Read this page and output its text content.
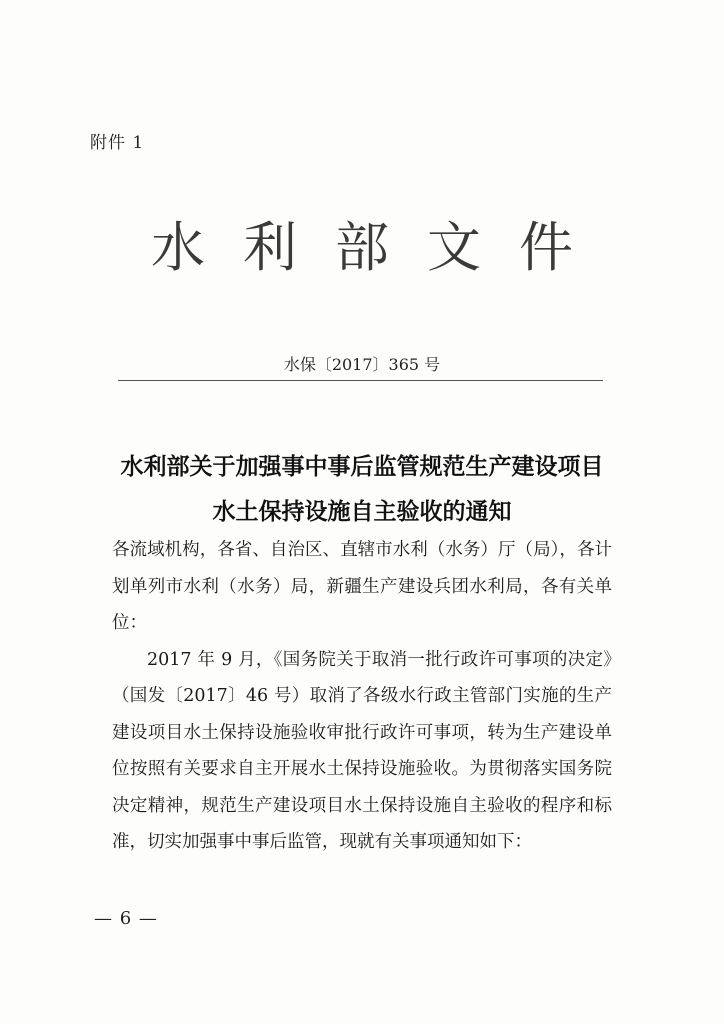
附件 1
水利部文件
水保〔2017〕365 号
水利部关于加强事中事后监管规范生产建设项目
水土保持设施自主验收的通知

各流域机构，各省、自治区、直辖市水利（水务）厅（局），各计划单列市水利（水务）局，新疆生产建设兵团水利局，各有关单位：

2017 年 9 月，《国务院关于取消一批行政许可事项的决定》（国发〔2017〕46 号）取消了各级水行政主管部门实施的生产建设项目水土保持设施验收审批行政许可事项，转为生产建设单位按照有关要求自主开展水土保持设施验收。为贯彻落实国务院决定精神，规范生产建设项目水土保持设施自主验收的程序和标准，切实加强事中事后监管，现就有关事项通知如下：

— 6 —
